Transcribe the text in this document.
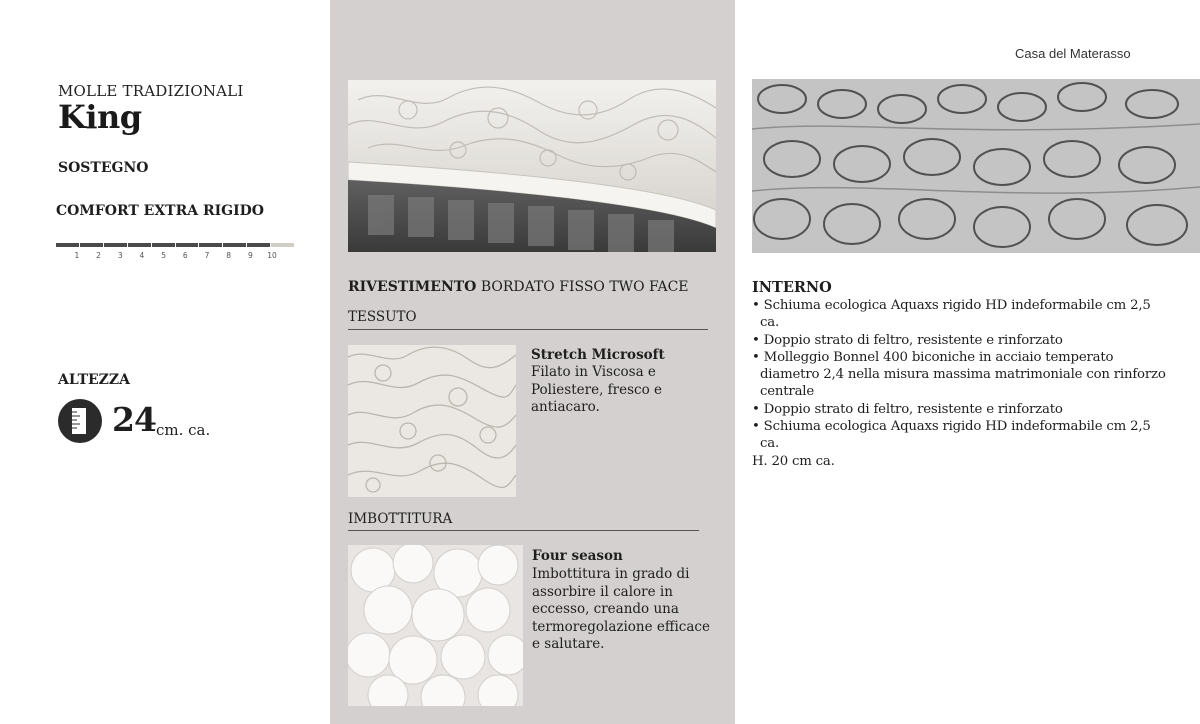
MOLLE TRADIZIONALI
King
SOSTEGNO
COMFORT EXTRA RIGIDO
1	2	3	4	5	6	7	8	9	10
ALTEZZA
24 cm. ca.
RIVESTIMENTO BORDATO FISSO TWO FACE
TESSUTO
Stretch Microsoft
Filato in Viscosa e Poliestere, fresco e antiacaro.
IMBOTTITURA
Four season
Imbottitura in grado di assorbire il calore in eccesso, creando una termoregolazione efficace e salutare.
Casa del Materasso
INTERNO
• Schiuma ecologica Aquaxs rigido HD indeformabile cm 2,5 ca.
• Doppio strato di feltro, resistente e rinforzato
• Molleggio Bonnel 400 biconiche in acciaio temperato diametro 2,4 nella misura massima matrimoniale con rinforzo centrale
• Doppio strato di feltro, resistente e rinforzato
• Schiuma ecologica Aquaxs rigido HD indeformabile cm 2,5 ca.
H. 20 cm ca.
